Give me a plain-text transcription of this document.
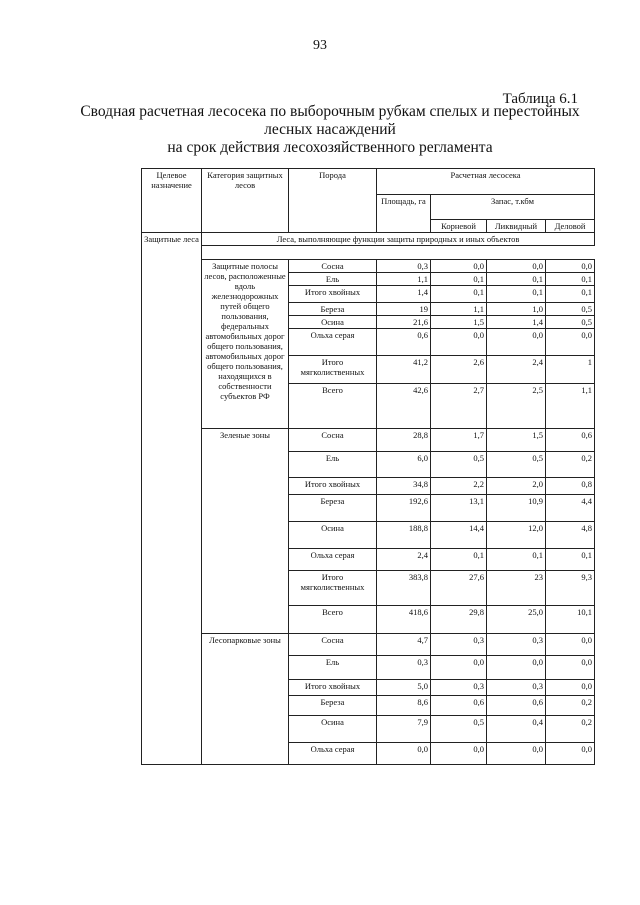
93
Таблица 6.1
Сводная расчетная лесосека по выборочным рубкам спелых и перестойных
лесных насаждений
на срок действия лесохозяйственного регламента
Целевое назначение	Категория защитных лесов	Порода	Расчетная лесосека			
			Площадь, га	Запас, т.кбм		
				Корневой	Ликвидный	Деловой
Защитные леса	Леса, выполняющие функции защиты природных и иных объектов					

	Защитные полосы лесов, расположенные вдоль железнодорожных путей общего пользования, федеральных автомобильных дорог общего пользования, автомобильных дорог общего пользования, находящихся в собственности субъектов РФ	Сосна	0,3	0,0	0,0	0,0
		Ель	1,1	0,1	0,1	0,1
		Итого хвойных	1,4	0,1	0,1	0,1
		Береза	19	1,1	1,0	0,5
		Осина	21,6	1,5	1,4	0,5
		Ольха серая	0,6	0,0	0,0	0,0
		Итого мягколиственных	41,2	2,6	2,4	1
		Всего	42,6	2,7	2,5	1,1
	Зеленые зоны	Сосна	28,8	1,7	1,5	0,6
		Ель	6,0	0,5	0,5	0,2
		Итого хвойных	34,8	2,2	2,0	0,8
		Береза	192,6	13,1	10,9	4,4
		Осина	188,8	14,4	12,0	4,8
		Ольха серая	2,4	0,1	0,1	0,1
		Итого мягколиственных	383,8	27,6	23	9,3
		Всего	418,6	29,8	25,0	10,1
	Лесопарковые зоны	Сосна	4,7	0,3	0,3	0,0
		Ель	0,3	0,0	0,0	0,0
		Итого хвойных	5,0	0,3	0,3	0,0
		Береза	8,6	0,6	0,6	0,2
		Осина	7,9	0,5	0,4	0,2
		Ольха серая	0,0	0,0	0,0	0,0
